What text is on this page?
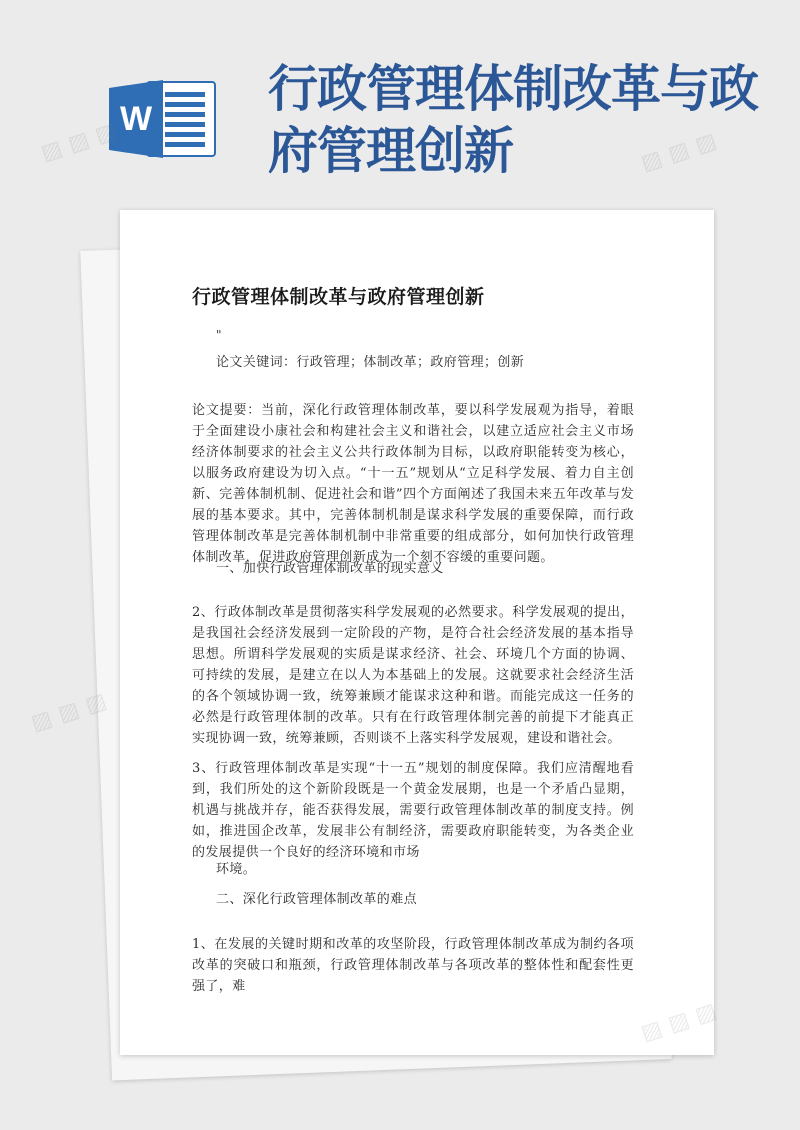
行政管理体制改革与政府管理创新
W
行政管理体制改革与政府管理创新
"

论文关键词：行政管理；体制改革；政府管理；创新

论文提要：当前，深化行政管理体制改革，要以科学发展观为指导，着眼于全面建设小康社会和构建社会主义和谐社会，以建立适应社会主义市场经济体制要求的社会主义公共行政体制为目标，以政府职能转变为核心，以服务政府建设为切入点。“十一五”规划从“立足科学发展、着力自主创新、完善体制机制、促进社会和谐”四个方面阐述了我国未来五年改革与发展的基本要求。其中，完善体制机制是谋求科学发展的重要保障，而行政管理体制改革是完善体制机制中非常重要的组成部分，如何加快行政管理体制改革，促进政府管理创新成为一个刻不容缓的重要问题。

一、加快行政管理体制改革的现实意义

2、行政体制改革是贯彻落实科学发展观的必然要求。科学发展观的提出，是我国社会经济发展到一定阶段的产物，是符合社会经济发展的基本指导思想。所谓科学发展观的实质是谋求经济、社会、环境几个方面的协调、可持续的发展，是建立在以人为本基础上的发展。这就要求社会经济生活的各个领域协调一致，统筹兼顾才能谋求这种和谐。而能完成这一任务的必然是行政管理体制的改革。只有在行政管理体制完善的前提下才能真正实现协调一致，统筹兼顾，否则谈不上落实科学发展观，建设和谐社会。

3、行政管理体制改革是实现“十一五”规划的制度保障。我们应清醒地看到，我们所处的这个新阶段既是一个黄金发展期，也是一个矛盾凸显期，机遇与挑战并存，能否获得发展，需要行政管理体制改革的制度支持。例如，推进国企改革，发展非公有制经济，需要政府职能转变，为各类企业的发展提供一个良好的经济环境和市场

环境。

二、深化行政管理体制改革的难点

1、在发展的关键时期和改革的攻坚阶段，行政管理体制改革成为制约各项改革的突破口和瓶颈，行政管理体制改革与各项改革的整体性和配套性更强了，难

▨ ▨ ▨	▨ ▨ ▨
▨ ▨ ▨
